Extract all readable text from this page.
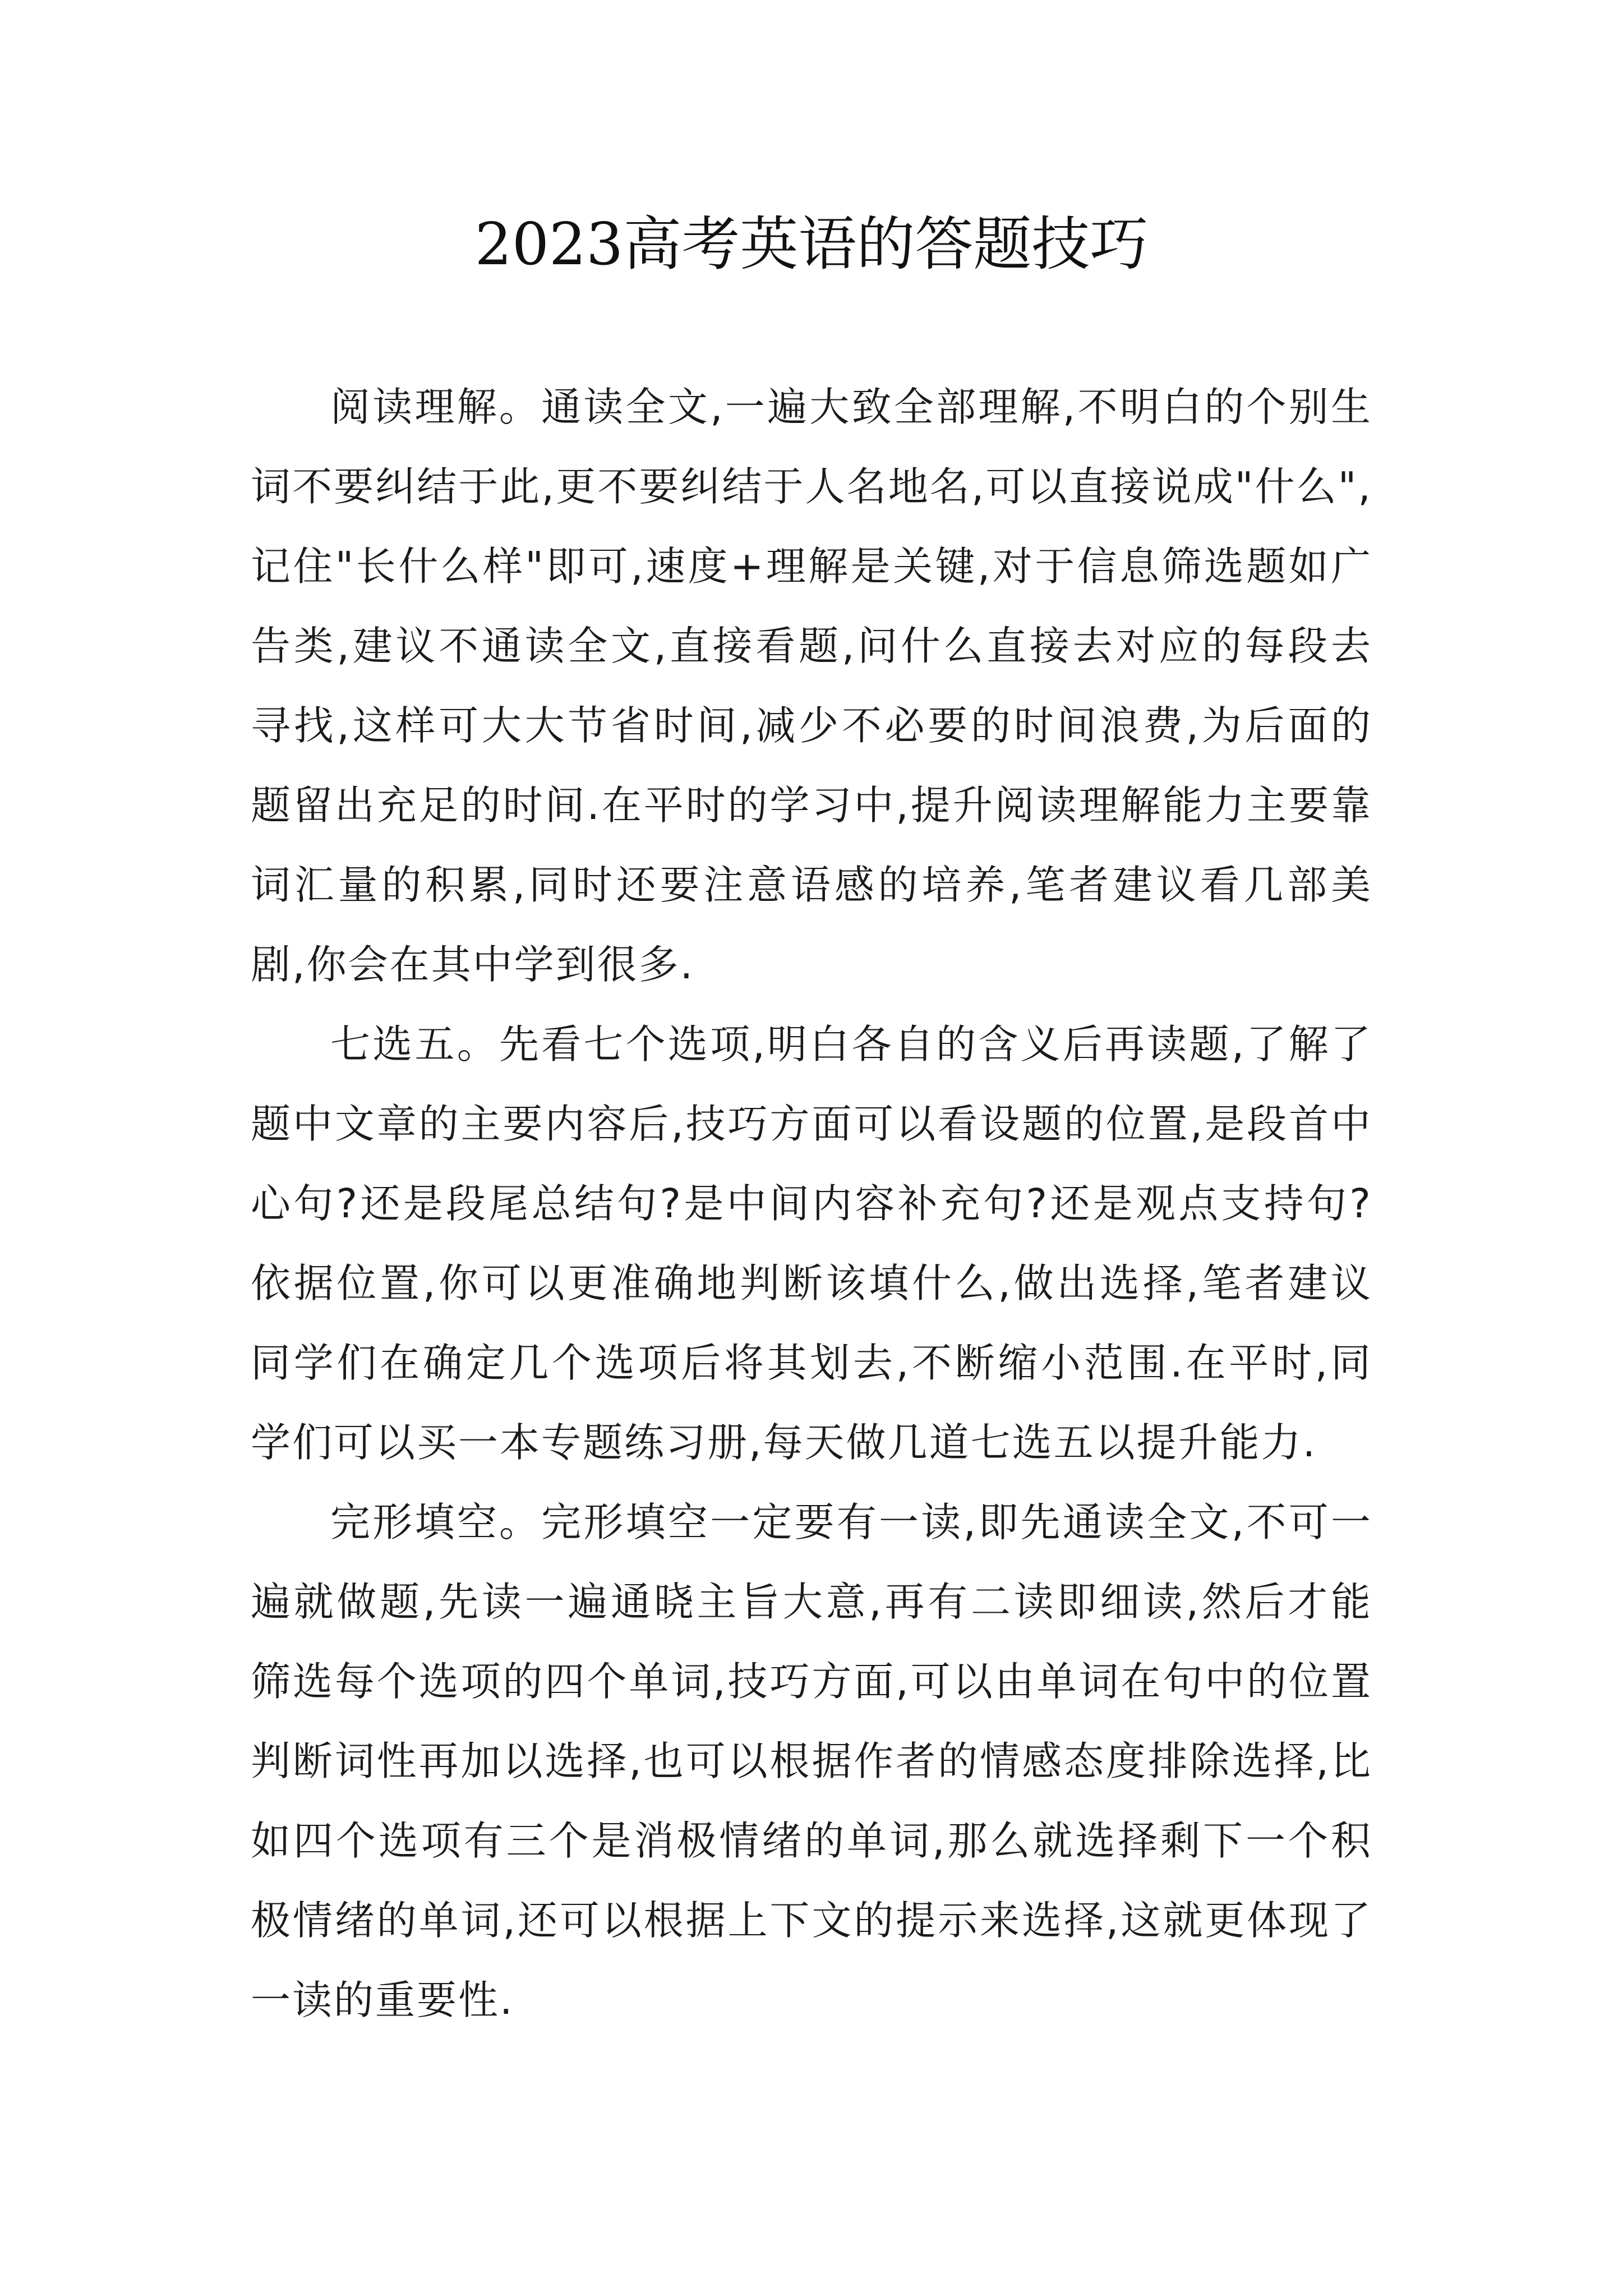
2023高考英语的答题技巧

阅读理解。通读全文,一遍大致全部理解,不明白的个别生词不要纠结于此,更不要纠结于人名地名,可以直接说成"什么",记住"长什么样"即可,速度+理解是关键,对于信息筛选题如广告类,建议不通读全文,直接看题,问什么直接去对应的每段去寻找,这样可大大节省时间,减少不必要的时间浪费,为后面的题留出充足的时间.在平时的学习中,提升阅读理解能力主要靠词汇量的积累,同时还要注意语感的培养,笔者建议看几部美剧,你会在其中学到很多.

七选五。先看七个选项,明白各自的含义后再读题,了解了题中文章的主要内容后,技巧方面可以看设题的位置,是段首中心句?还是段尾总结句?是中间内容补充句?还是观点支持句?依据位置,你可以更准确地判断该填什么,做出选择,笔者建议同学们在确定几个选项后将其划去,不断缩小范围.在平时,同学们可以买一本专题练习册,每天做几道七选五以提升能力.

完形填空。完形填空一定要有一读,即先通读全文,不可一遍就做题,先读一遍通晓主旨大意,再有二读即细读,然后才能筛选每个选项的四个单词,技巧方面,可以由单词在句中的位置判断词性再加以选择,也可以根据作者的情感态度排除选择,比如四个选项有三个是消极情绪的单词,那么就选择剩下一个积极情绪的单词,还可以根据上下文的提示来选择,这就更体现了一读的重要性.
